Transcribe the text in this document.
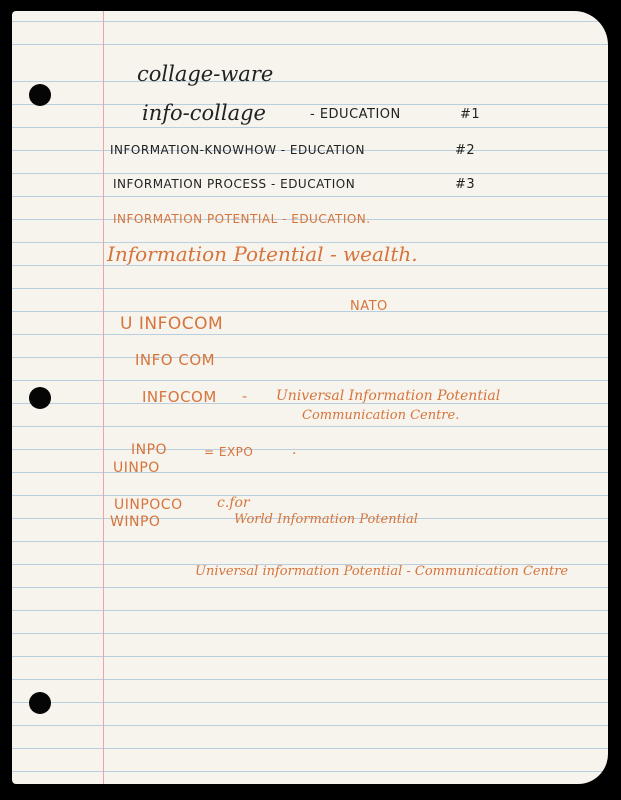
collage-ware
info-collage	- EDUCATION	#1
INFORMATION-KNOWHOW - EDUCATION	#2
INFORMATION PROCESS - EDUCATION	#3
INFORMATION POTENTIAL - EDUCATION.
Information Potential - wealth.
NATO
U INFOCOM
INFO COM
INFOCOM - Universal Information Potential
Communication Centre.
INPO	= EXPO	.
UINPO
UINPOCO c.for
WINPO	World Information Potential
Universal information Potential - Communication Centre
